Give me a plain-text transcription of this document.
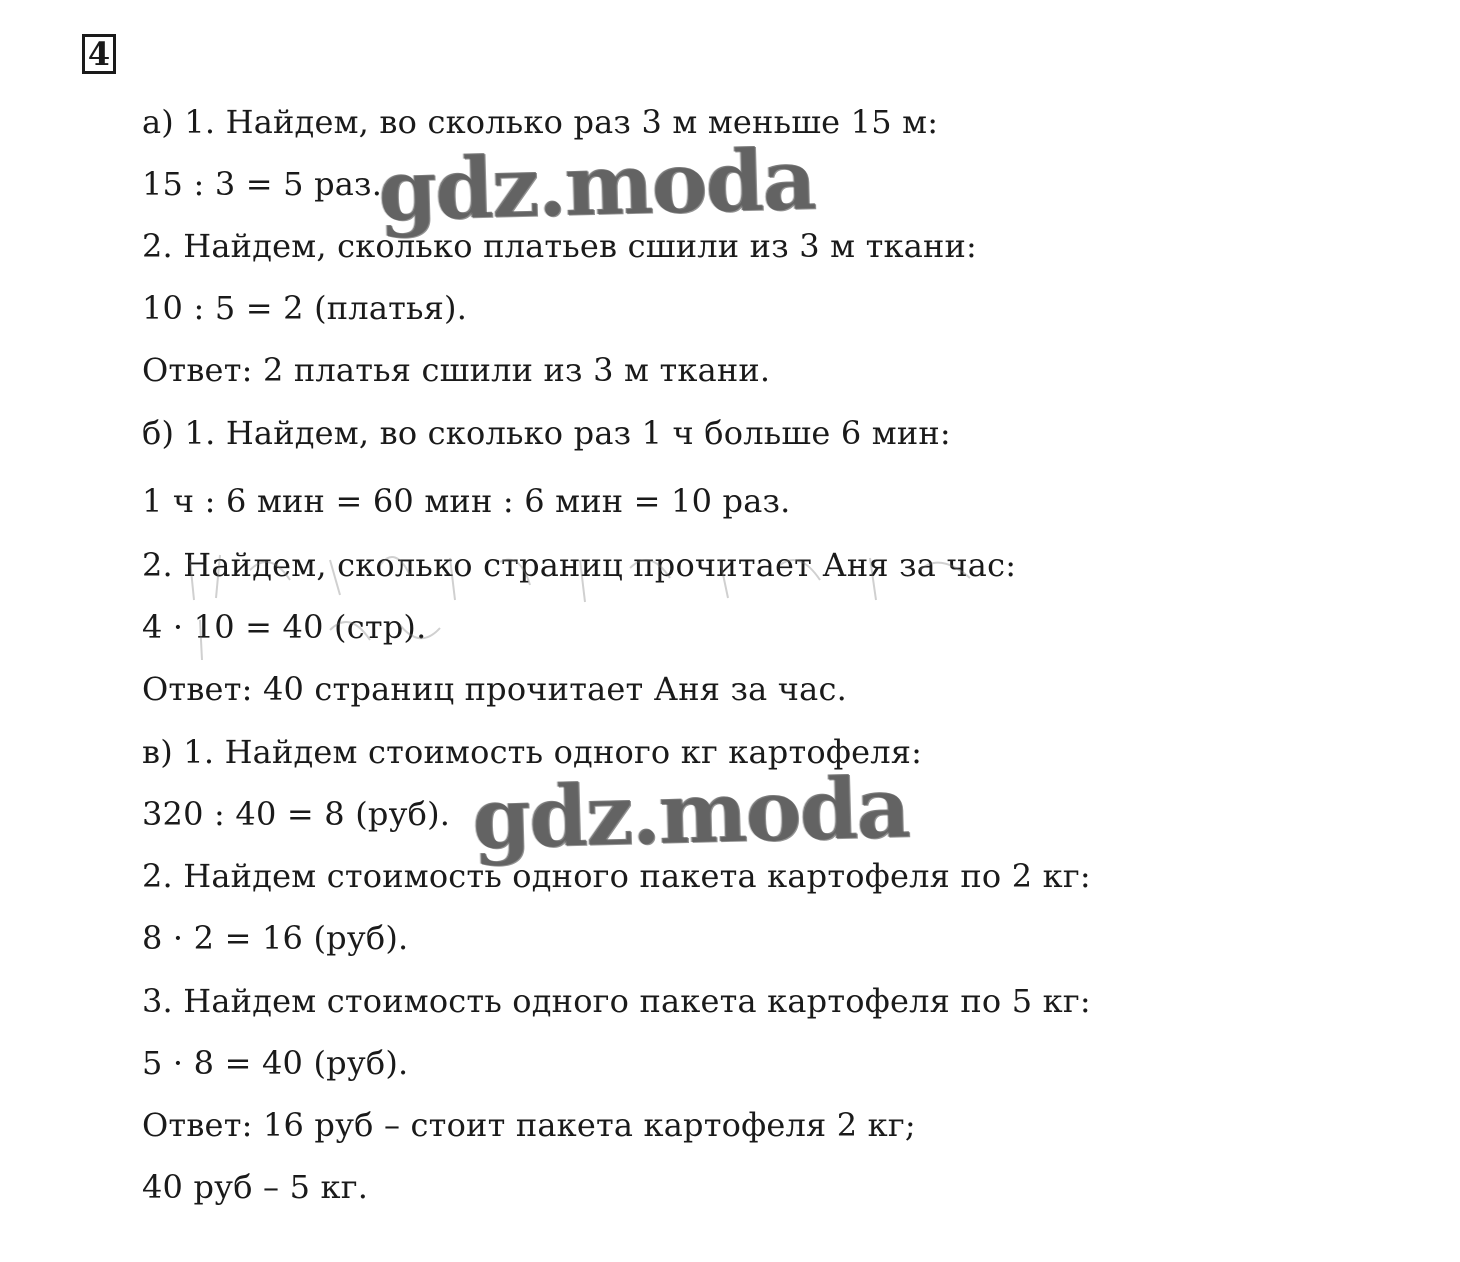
4
а) 1. Найдем, во сколько раз 3 м меньше 15 м:
15 : 3 = 5 раз.
2. Найдем, сколько платьев сшили из 3 м ткани:
10 : 5 = 2 (платья).
Ответ: 2 платья сшили из 3 м ткани.
б) 1. Найдем, во сколько раз 1 ч больше 6 мин:
1 ч : 6 мин = 60 мин : 6 мин = 10 раз.
2. Найдем, сколько страниц прочитает Аня за час:
4 · 10 = 40 (стр).
Ответ: 40 страниц прочитает Аня за час.
в) 1. Найдем стоимость одного кг картофеля:
320 : 40 = 8 (руб).
2. Найдем стоимость одного пакета картофеля по 2 кг:
8 · 2 = 16 (руб).
3. Найдем стоимость одного пакета картофеля по 5 кг:
5 · 8 = 40 (руб).
Ответ: 16 руб – стоит пакета картофеля 2 кг;
40 руб – 5 кг.
gdz.moda
gdz.moda
